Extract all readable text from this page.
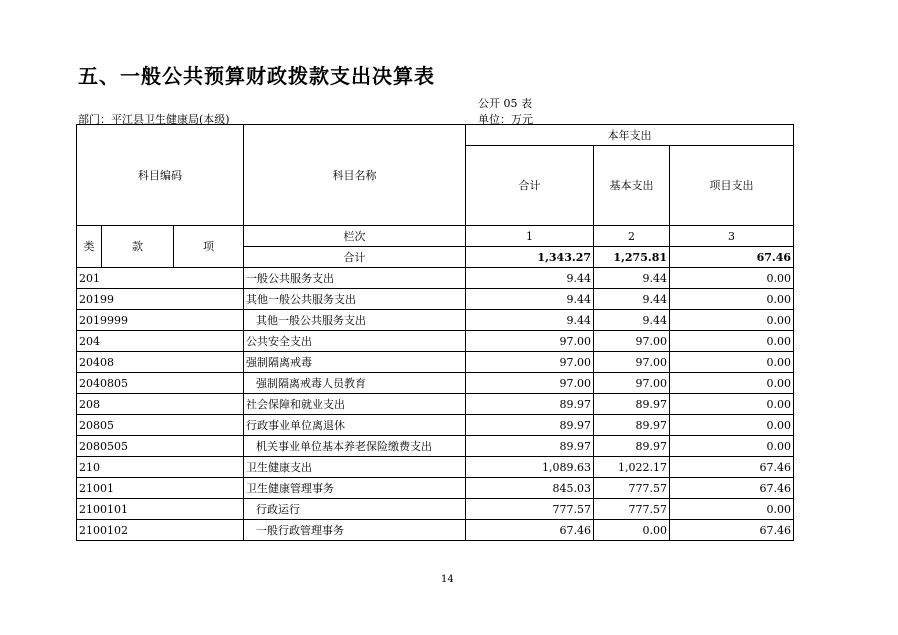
五、一般公共预算财政拨款支出决算表
公开 05 表
部门：平江县卫生健康局(本级)	单位：万元
科目编码			科目名称	本年支出		
				合计	基本支出	项目支出
类	款	项	栏次	1	2	3
			合计	1,343.27	1,275.81	67.46
201			一般公共服务支出	9.44	9.44	0.00
20199			其他一般公共服务支出	9.44	9.44	0.00
2019999			其他一般公共服务支出	9.44	9.44	0.00
204			公共安全支出	97.00	97.00	0.00
20408			强制隔离戒毒	97.00	97.00	0.00
2040805			强制隔离戒毒人员教育	97.00	97.00	0.00
208			社会保障和就业支出	89.97	89.97	0.00
20805			行政事业单位离退休	89.97	89.97	0.00
2080505			机关事业单位基本养老保险缴费支出	89.97	89.97	0.00
210			卫生健康支出	1,089.63	1,022.17	67.46
21001			卫生健康管理事务	845.03	777.57	67.46
2100101			行政运行	777.57	777.57	0.00
2100102			一般行政管理事务	67.46	0.00	67.46
14
